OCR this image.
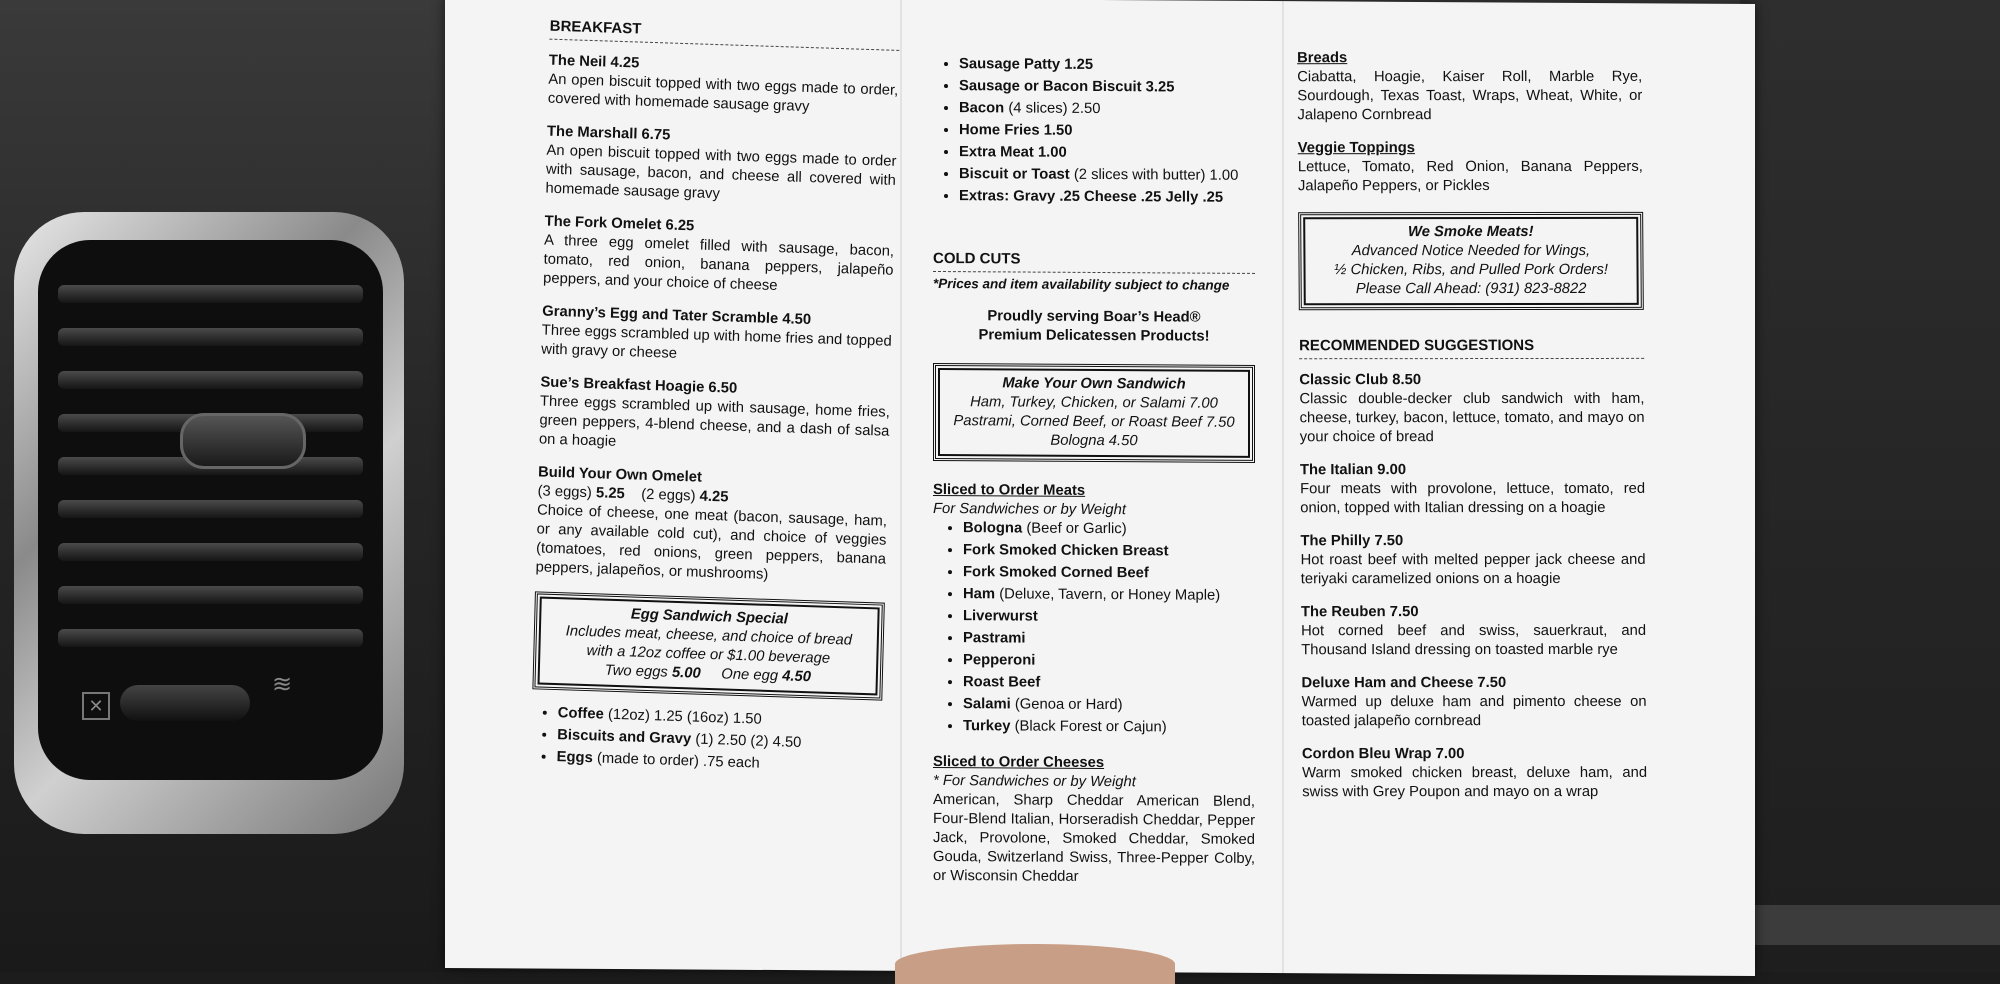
✕
≋
BREAKFAST
The Neil 4.25
An open biscuit topped with two eggs made to order, covered with homemade sausage gravy
The Marshall 6.75
An open biscuit topped with two eggs made to order with sausage, bacon, and cheese all covered with homemade sausage gravy
The Fork Omelet 6.25
A three egg omelet filled with sausage, bacon, tomato, red onion, banana peppers, jalapeño peppers, and your choice of cheese
Granny’s Egg and Tater Scramble 4.50
Three eggs scrambled up with home fries and topped with gravy or cheese
Sue’s Breakfast Hoagie 6.50
Three eggs scrambled up with sausage, home fries, green peppers, 4-blend cheese, and a dash of salsa on a hoagie
Build Your Own Omelet
(3 eggs) 5.25 (2 eggs) 4.25
Choice of cheese, one meat (bacon, sausage, ham, or any available cold cut), and choice of veggies (tomatoes, red onions, green peppers, banana peppers, jalapeños, or mushrooms)
Egg Sandwich Special
Includes meat, cheese, and choice of bread
with a 12oz coffee or $1.00 beverage
Two eggs 5.00 One egg 4.50
• Coffee (12oz) 1.25 (16oz) 1.50
• Biscuits and Gravy (1) 2.50 (2) 4.50
• Eggs (made to order) .75 each
• Sausage Patty 1.25
• Sausage or Bacon Biscuit 3.25
• Bacon (4 slices) 2.50
• Home Fries 1.50
• Extra Meat 1.00
• Biscuit or Toast (2 slices with butter) 1.00
• Extras: Gravy .25 Cheese .25 Jelly .25
COLD CUTS
*Prices and item availability subject to change
Proudly serving Boar’s Head®
Premium Delicatessen Products!
Make Your Own Sandwich
Ham, Turkey, Chicken, or Salami 7.00
Pastrami, Corned Beef, or Roast Beef 7.50
Bologna 4.50
Sliced to Order Meats
For Sandwiches or by Weight
• Bologna (Beef or Garlic)
• Fork Smoked Chicken Breast
• Fork Smoked Corned Beef
• Ham (Deluxe, Tavern, or Honey Maple)
• Liverwurst
• Pastrami
• Pepperoni
• Roast Beef
• Salami (Genoa or Hard)
• Turkey (Black Forest or Cajun)
Sliced to Order Cheeses
* For Sandwiches or by Weight
American, Sharp Cheddar American Blend, Four-Blend Italian, Horseradish Cheddar, Pepper Jack, Provolone, Smoked Cheddar, Smoked Gouda, Switzerland Swiss, Three-Pepper Colby, or Wisconsin Cheddar
Breads
Ciabatta, Hoagie, Kaiser Roll, Marble Rye, Sourdough, Texas Toast, Wraps, Wheat, White, or Jalapeno Cornbread
Veggie Toppings
Lettuce, Tomato, Red Onion, Banana Peppers, Jalapeño Peppers, or Pickles
We Smoke Meats!
Advanced Notice Needed for Wings,
½ Chicken, Ribs, and Pulled Pork Orders!
Please Call Ahead: (931) 823-8822
RECOMMENDED SUGGESTIONS
Classic Club 8.50
Classic double-decker club sandwich with ham, cheese, turkey, bacon, lettuce, tomato, and mayo on your choice of bread
The Italian 9.00
Four meats with provolone, lettuce, tomato, red onion, topped with Italian dressing on a hoagie
The Philly 7.50
Hot roast beef with melted pepper jack cheese and teriyaki caramelized onions on a hoagie
The Reuben 7.50
Hot corned beef and swiss, sauerkraut, and Thousand Island dressing on toasted marble rye
Deluxe Ham and Cheese 7.50
Warmed up deluxe ham and pimento cheese on toasted jalapeño cornbread
Cordon Bleu Wrap 7.00
Warm smoked chicken breast, deluxe ham, and swiss with Grey Poupon and mayo on a wrap
